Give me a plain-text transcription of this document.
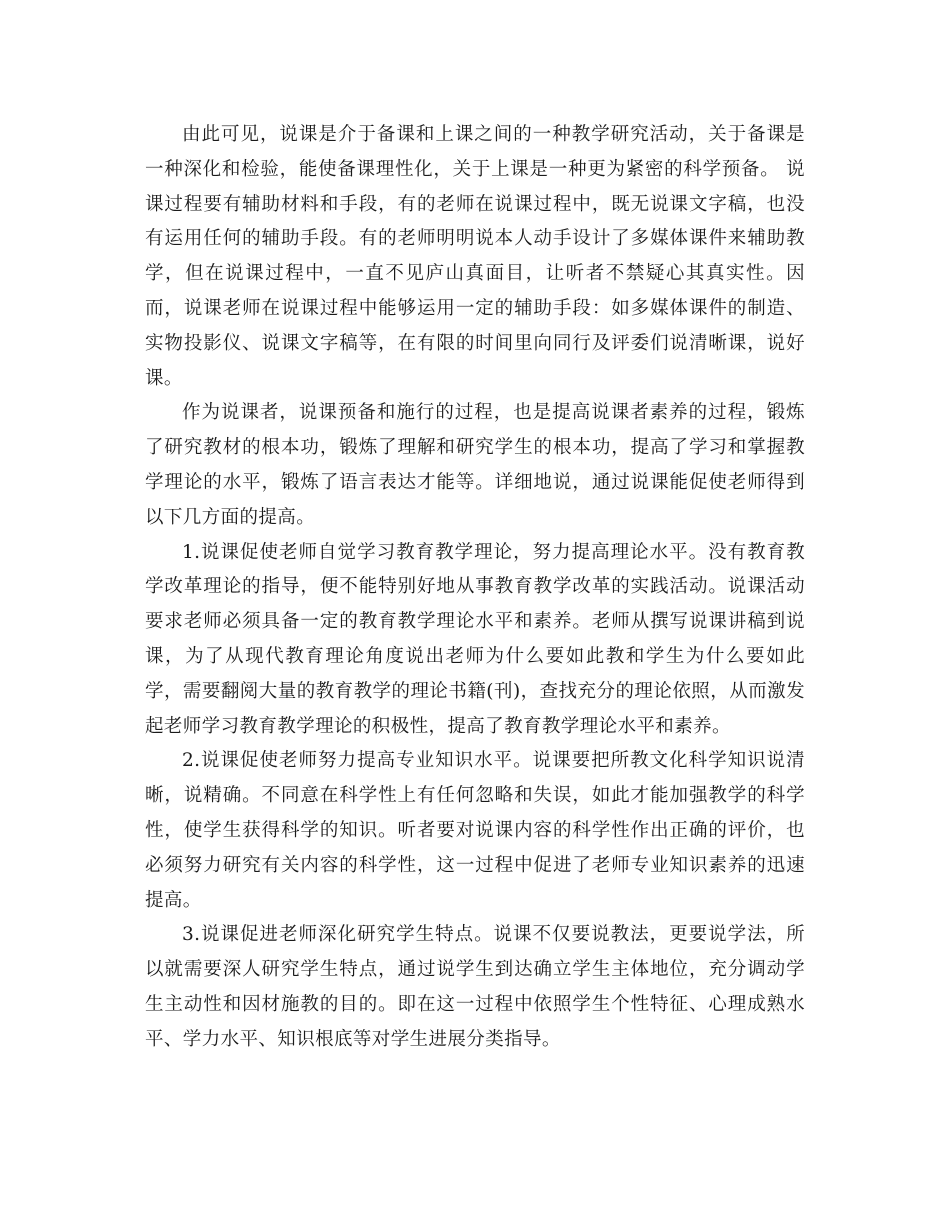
由此可见，说课是介于备课和上课之间的一种教学研究活动，关于备课是一种深化和检验，能使备课理性化，关于上课是一种更为紧密的科学预备。 说课过程要有辅助材料和手段，有的老师在说课过程中，既无说课文字稿，也没有运用任何的辅助手段。有的老师明明说本人动手设计了多媒体课件来辅助教学，但在说课过程中，一直不见庐山真面目，让听者不禁疑心其真实性。因而，说课老师在说课过程中能够运用一定的辅助手段：如多媒体课件的制造、实物投影仪、说课文字稿等，在有限的时间里向同行及评委们说清晰课，说好课。

作为说课者，说课预备和施行的过程，也是提高说课者素养的过程，锻炼了研究教材的根本功，锻炼了理解和研究学生的根本功，提高了学习和掌握教学理论的水平，锻炼了语言表达才能等。详细地说，通过说课能促使老师得到以下几方面的提高。

1.说课促使老师自觉学习教育教学理论，努力提高理论水平。没有教育教学改革理论的指导，便不能特别好地从事教育教学改革的实践活动。说课活动要求老师必须具备一定的教育教学理论水平和素养。老师从撰写说课讲稿到说课，为了从现代教育理论角度说出老师为什么要如此教和学生为什么要如此学，需要翻阅大量的教育教学的理论书籍(刊)，查找充分的理论依照，从而激发起老师学习教育教学理论的积极性，提高了教育教学理论水平和素养。

2.说课促使老师努力提高专业知识水平。说课要把所教文化科学知识说清晰，说精确。不同意在科学性上有任何忽略和失误，如此才能加强教学的科学性，使学生获得科学的知识。听者要对说课内容的科学性作出正确的评价，也必须努力研究有关内容的科学性，这一过程中促进了老师专业知识素养的迅速提高。

3.说课促进老师深化研究学生特点。说课不仅要说教法，更要说学法，所以就需要深人研究学生特点，通过说学生到达确立学生主体地位，充分调动学生主动性和因材施教的目的。即在这一过程中依照学生个性特征、心理成熟水平、学力水平、知识根底等对学生进展分类指导。
